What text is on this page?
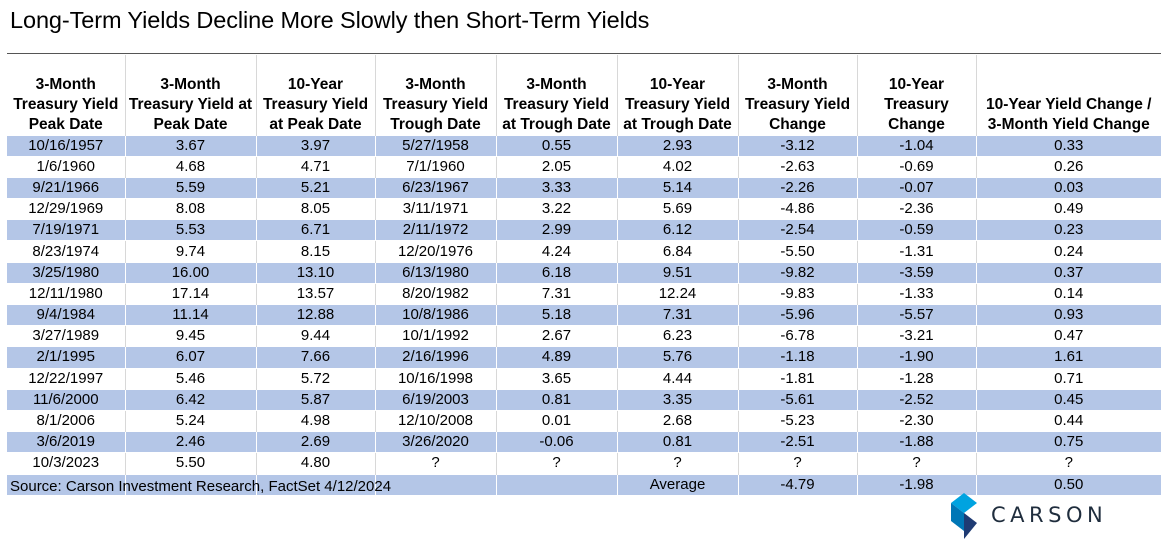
Long-Term Yields Decline More Slowly then Short-Term Yields
3-Month Treasury Yield Peak Date	3-Month Treasury Yield at Peak Date	10-Year Treasury Yield at Peak Date	3-Month Treasury Yield Trough Date	3-Month Treasury Yield at Trough Date	10-Year Treasury Yield at Trough Date	3-Month Treasury Yield Change	10-Year Treasury Change	10-Year Yield Change / 3-Month Yield Change
10/16/1957	3.67	3.97	5/27/1958	0.55	2.93	-3.12	-1.04	0.33
1/6/1960	4.68	4.71	7/1/1960	2.05	4.02	-2.63	-0.69	0.26
9/21/1966	5.59	5.21	6/23/1967	3.33	5.14	-2.26	-0.07	0.03
12/29/1969	8.08	8.05	3/11/1971	3.22	5.69	-4.86	-2.36	0.49
7/19/1971	5.53	6.71	2/11/1972	2.99	6.12	-2.54	-0.59	0.23
8/23/1974	9.74	8.15	12/20/1976	4.24	6.84	-5.50	-1.31	0.24
3/25/1980	16.00	13.10	6/13/1980	6.18	9.51	-9.82	-3.59	0.37
12/11/1980	17.14	13.57	8/20/1982	7.31	12.24	-9.83	-1.33	0.14
9/4/1984	11.14	12.88	10/8/1986	5.18	7.31	-5.96	-5.57	0.93
3/27/1989	9.45	9.44	10/1/1992	2.67	6.23	-6.78	-3.21	0.47
2/1/1995	6.07	7.66	2/16/1996	4.89	5.76	-1.18	-1.90	1.61
12/22/1997	5.46	5.72	10/16/1998	3.65	4.44	-1.81	-1.28	0.71
11/6/2000	6.42	5.87	6/19/2003	0.81	3.35	-5.61	-2.52	0.45
8/1/2006	5.24	4.98	12/10/2008	0.01	2.68	-5.23	-2.30	0.44
3/6/2019	2.46	2.69	3/26/2020	-0.06	0.81	-2.51	-1.88	0.75
10/3/2023	5.50	4.80	?	?	?	?	?	?
					Average	-4.79	-1.98	0.50
Source: Carson Investment Research, FactSet 4/12/2024
CARSON
